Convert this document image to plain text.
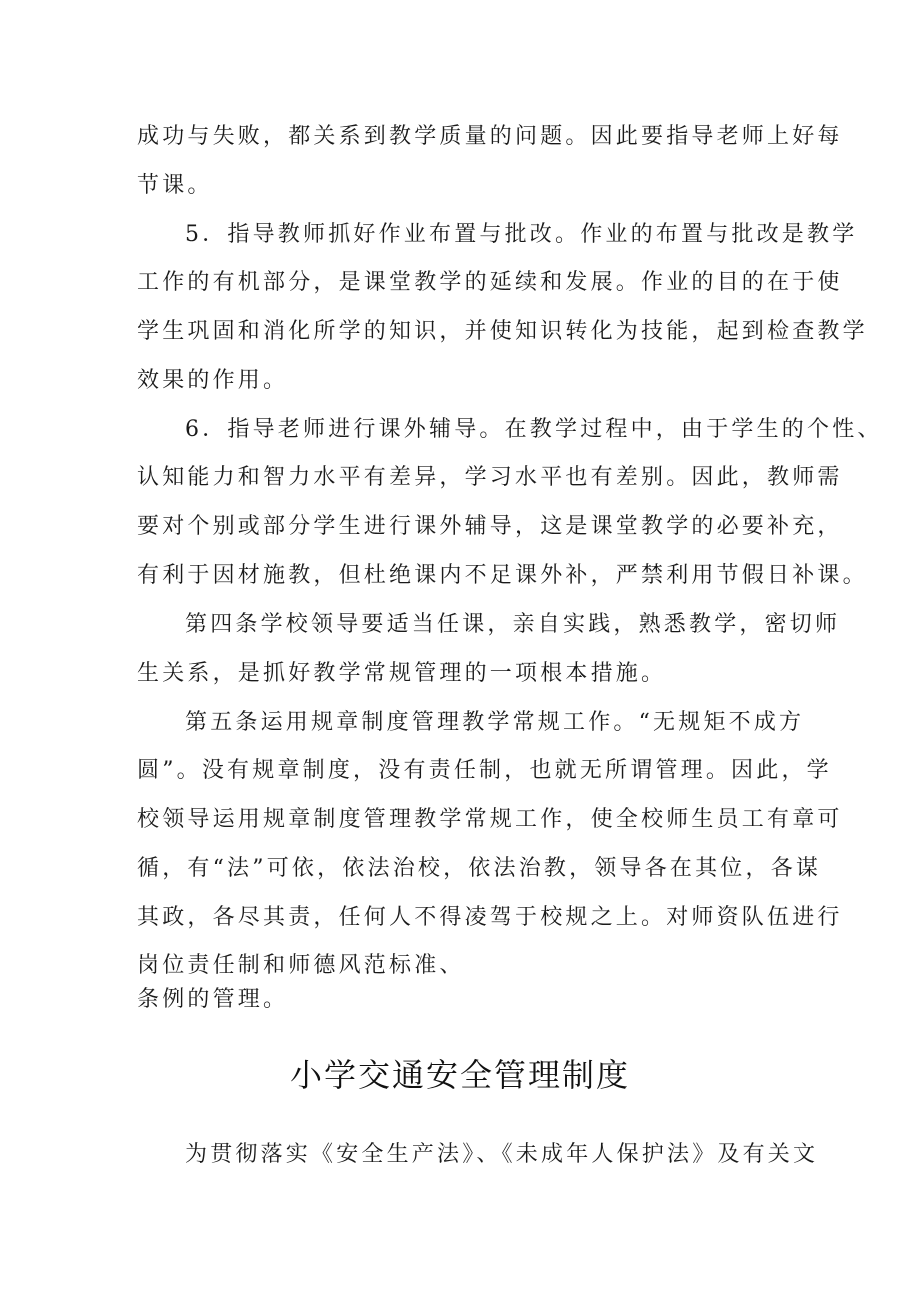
成功与失败，都关系到教学质量的问题。因此要指导老师上好每
节课。
5．指导教师抓好作业布置与批改。作业的布置与批改是教学
工作的有机部分，是课堂教学的延续和发展。作业的目的在于使
学生巩固和消化所学的知识，并使知识转化为技能，起到检查教学
效果的作用。
6．指导老师进行课外辅导。在教学过程中，由于学生的个性、
认知能力和智力水平有差异，学习水平也有差别。因此，教师需
要对个别或部分学生进行课外辅导，这是课堂教学的必要补充，
有利于因材施教，但杜绝课内不足课外补，严禁利用节假日补课。
第四条学校领导要适当任课，亲自实践，熟悉教学，密切师
生关系，是抓好教学常规管理的一项根本措施。
第五条运用规章制度管理教学常规工作。“无规矩不成方
圆”。没有规章制度，没有责任制，也就无所谓管理。因此，学
校领导运用规章制度管理教学常规工作，使全校师生员工有章可
循，有“法”可依，依法治校，依法治教，领导各在其位，各谋
其政，各尽其责，任何人不得凌驾于校规之上。对师资队伍进行
岗位责任制和师德风范标准、
条例的管理。
小学交通安全管理制度
为贯彻落实《安全生产法》、《未成年人保护法》及有关文
